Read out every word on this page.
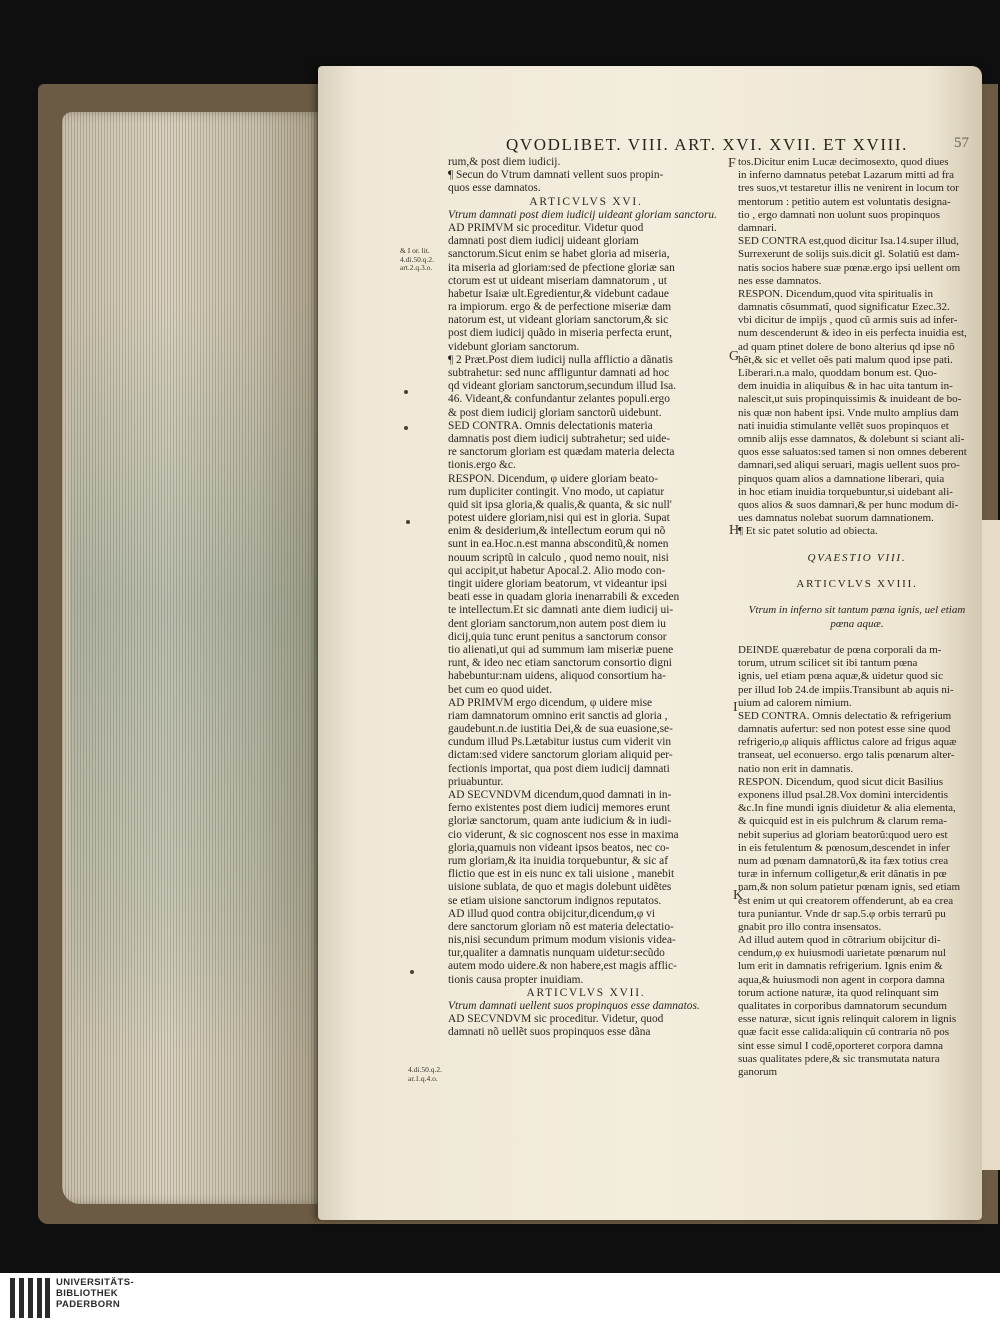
QVODLIBET. VIII. ART. XVI. XVII. ET XVIII.	57
rum,& post diem iudicij.
¶ Secun do Vtrum damnati vellent suos propin-
quos esse damnatos.
ARTICVLVS XVI.
Vtrum damnati post diem iudicij uideant gloriam sanctoru.
AD PRIMVM sic proceditur. Videtur quod
damnati post diem iudicij uideant gloriam
sanctorum.Sicut enim se habet gloria ad miseria,
ita miseria ad gloriam:sed de pfectione gloriæ san
ctorum est ut uideant miseriam damnatorum , ut
habetur Isaiæ ult.Egredientur,& videbunt cadaue
ra impiorum. ergo & de perfectione miseriæ dam
natorum est, ut videant gloriam sanctorum,& sic
post diem iudicij quãdo in miseria perfecta erunt,
videbunt gloriam sanctorum.
¶ 2 Præt.Post diem iudicij nulla afflictio a dãnatis
subtrahetur: sed nunc affliguntur damnati ad hoc
qd videant gloriam sanctorum,secundum illud Isa.
46. Videant,& confundantur zelantes populi.ergo
& post diem iudicij gloriam sanctorũ uidebunt.
SED CONTRA. Omnis delectationis materia
damnatis post diem iudicij subtrahetur; sed uide-
re sanctorum gloriam est quædam materia delecta
tionis.ergo &c.
RESPON. Dicendum, φ uidere gloriam beato-
rum dupliciter contingit. Vno modo, ut capiatur
quid sit ipsa gloria,& qualis,& quanta, & sic null'
potest uidere gloriam,nisi qui est in gloria. Supat
enim & desiderium,& intellectum eorum qui nõ
sunt in ea.Hoc.n.est manna absconditũ,& nomen
nouum scriptũ in calculo , quod nemo nouit, nisi
qui accipit,ut habetur Apocal.2. Alio modo con-
tingit uidere gloriam beatorum, vt videantur ipsi
beati esse in quadam gloria inenarrabili & exceden
te intellectum.Et sic damnati ante diem iudicij ui-
dent gloriam sanctorum,non autem post diem iu
dicij,quia tunc erunt penitus a sanctorum consor
tio alienati,ut qui ad summum iam miseriæ puene
runt, & ideo nec etiam sanctorum consortio digni
habebuntur:nam uidens, aliquod consortium ha-
bet cum eo quod uidet.
AD PRIMVM ergo dicendum, φ uidere mise
riam damnatorum omnino erit sanctis ad gloria ,
gaudebunt.n.de iustitia Dei,& de sua euasione,se-
cundum illud Ps.Lætabitur iustus cum viderit vin
dictam:sed videre sanctorum gloriam aliquid per-
fectionis importat, qua post diem iudicij damnati
priuabuntur.
AD SECVNDVM dicendum,quod damnati in in-
ferno existentes post diem iudicij memores erunt
gloriæ sanctorum, quam ante iudicium & in iudi-
cio viderunt, & sic cognoscent nos esse in maxima
gloria,quamuis non videant ipsos beatos, nec co-
rum gloriam,& ita inuidia torquebuntur, & sic af
flictio que est in eis nunc ex tali uisione , manebit
uisione sublata, de quo et magis dolebunt uidẽtes
se etiam uisione sanctorum indignos reputatos.
AD illud quod contra obijcitur,dicendum,φ vi
dere sanctorum gloriam nõ est materia delectatio-
nis,nisi secundum primum modum visionis videa-
tur,qualiter a damnatis nunquam uidetur:secũdo
autem modo uidere.& non habere,est magis afflic-
tionis causa propter inuidiam.
ARTICVLVS XVII.
Vtrum damnati uellent suos propinquos esse damnatos.
AD SECVNDVM sic proceditur. Videtur, quod
damnati nõ uellẽt suos propinquos esse dãna
tos.Dicitur enim Lucæ decimosexto, quod diues
in inferno damnatus petebat Lazarum mitti ad fra
tres suos,vt testaretur illis ne venirent in locum tor
mentorum : petitio autem est voluntatis designa-
tio , ergo damnati non uolunt suos propinquos
damnari.
SED CONTRA est,quod dicitur Isa.14.super illud,
Surrexerunt de solijs suis.dicit gl. Solatiũ est dam-
natis socios habere suæ pœnæ.ergo ipsi uellent om
nes esse damnatos.
RESPON. Dicendum,quod vita spiritualis in
damnatis cõsummatĩ, quod significatur Ezec.32.
vbi dicitur de impijs , quod cũ armis suis ad infer-
num descenderunt & ideo in eis perfecta inuidia est,
ad quam ptinet dolere de bono alterius qd ipse nõ
hẽt,& sic et vellet oẽs pati malum quod ipse pati.
Liberari.n.a malo, quoddam bonum est. Quo-
dem inuidia in aliquibus & in hac uita tantum in-
nalescit,ut suis propinquissimis & inuideant de bo-
nis quæ non habent ipsi. Vnde multo amplius dam
nati inuidia stimulante vellẽt suos propinquos et
omnib alijs esse damnatos, & dolebunt si sciant ali-
quos esse saluatos:sed tamen si non omnes deberent
damnari,sed aliqui seruari, magis uellent suos pro-
pinquos quam alios a damnatione liberari, quia
in hoc etiam inuidia torquebuntur,si uidebant ali-
quos alios & suos damnari,& per hunc modum di-
ues damnatus nolebat suorum damnationem.
¶ Et sic patet solutio ad obiecta.
QVAESTIO VIII.
ARTICVLVS XVIII.
Vtrum in inferno sit tantum pœna ignis, uel etiam
pœna aquæ.
DEINDE quærebatur de pœna corporali da m-
torum, utrum scilicet sit ibi tantum pœna
ignis, uel etiam pœna aquæ,& uidetur quod sic
per illud Iob 24.de impiis.Transibunt ab aquis ni-
uium ad calorem nimium.
SED CONTRA. Omnis delectatio & refrigerium
damnatis aufertur: sed non potest esse sine quod
refrigerio,φ aliquis afflictus calore ad frigus aquæ
transeat, uel econuerso. ergo talis pœnarum alter-
natio non erit in damnatis.
RESPON. Dicendum, quod sicut dicit Basilius
exponens illud psal.28.Vox domini intercidentis
&c.In fine mundi ignis diuidetur & alia elementa,
& quicquid est in eis pulchrum & clarum rema-
nebit superius ad gloriam beatorũ:quod uero est
in eis fetulentum & pœnosum,descendet in infer
num ad pœnam damnatorũ,& ita fæx totius crea
turæ in infernum colligetur,& erit dãnatis in pœ
nam,& non solum patietur pœnam ignis, sed etiam
est enim ut qui creatorem offenderunt, ab ea crea
tura puniantur. Vnde dr sap.5.φ orbis terrarũ pu
gnabit pro illo contra insensatos.
Ad illud autem quod in cõtrarium obijcitur di-
cendum,φ ex huiusmodi uarietate pœnarum nul
lum erit in damnatis refrigerium. Ignis enim &
aqua,& huiusmodi non agent in corpora damna
torum actione naturæ, ita quod relinquant sim
qualitates in corporibus damnatorum secundum
esse naturæ, sicut ignis relinquit calorem in lignis
quæ facit esse calida:aliquin cũ contraria nõ pos
sint esse simul I codẽ,oporteret corpora damna
suas qualitates pdere,& sic transmutata natura
ganorum
F
G
H
I
K
& I or. lit.
4.di.50.q.2.
art.2.q.3.o.
4.di.50.q.2.
ar.1.q.4.o.
UNIVERSITÄTS-
BIBLIOTHEK
PADERBORN
